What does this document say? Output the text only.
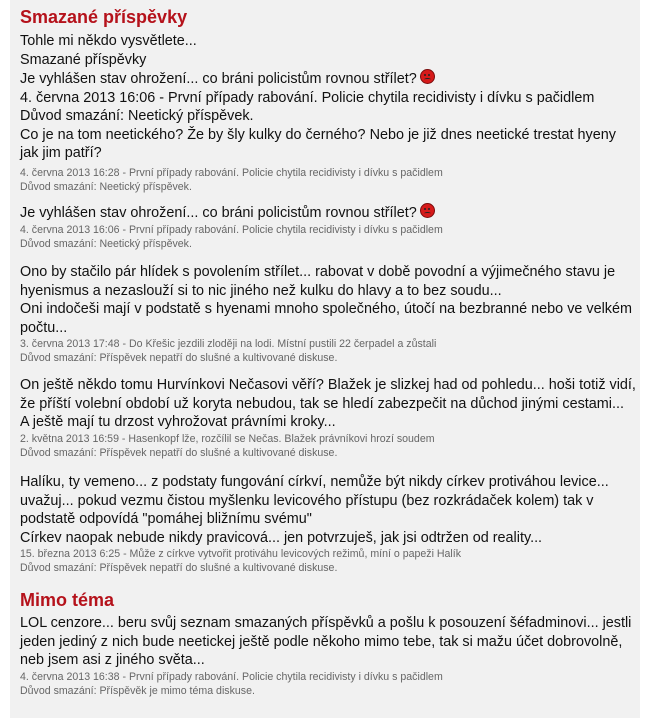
Smazané příspěvky
Tohle mi někdo vysvětlete...
Smazané příspěvky
Je vyhlášen stav ohrožení... co bráni policistům rovnou střílet?
4. června 2013 16:06 - První případy rabování. Policie chytila recidivisty i dívku s pačidlem
Důvod smazání: Neetický příspěvek.
Co je na tom neetického? Že by šly kulky do černého? Nebo je již dnes neetické trestat hyeny jak jim patří?
4. června 2013 16:28 - První případy rabování. Policie chytila recidivisty i dívku s pačidlem
Důvod smazání: Neetický příspěvek.
Je vyhlášen stav ohrožení... co bráni policistům rovnou střílet?
4. června 2013 16:06 - První případy rabování. Policie chytila recidivisty i dívku s pačidlem
Důvod smazání: Neetický příspěvek.
Ono by stačilo pár hlídek s povolením střílet... rabovat v době povodní a výjimečného stavu je
hyenismus a nezaslouží si to nic jiného než kulku do hlavy a to bez soudu...
Oni indočeši mají v podstatě s hyenami mnoho společného, útočí na bezbranné nebo ve velkém
počtu...
3. června 2013 17:48 - Do Křešic jezdili zloději na lodi. Místní pustili 22 čerpadel a zůstali
Důvod smazání: Příspěvek nepatří do slušné a kultivované diskuse.
On ještě někdo tomu Hurvínkovi Nečasovi věří? Blažek je slizkej had od pohledu... hoši totiž vidí,
že příští volební období už koryta nebudou, tak se hledí zabezpečit na důchod jinými cestami...
A ještě mají tu drzost vyhrožovat právními kroky...
2. května 2013 16:59 - Hasenkopf lže, rozčílil se Nečas. Blažek právníkovi hrozí soudem
Důvod smazání: Příspěvek nepatří do slušné a kultivované diskuse.
Halíku, ty vemeno... z podstaty fungování církví, nemůže být nikdy církev protiváhou levice...
uvažuj... pokud vezmu čistou myšlenku levicového přístupu (bez rozkrádaček kolem) tak v
podstatě odpovídá "pomáhej bližnímu svému"
Církev naopak nebude nikdy pravicová... jen potvrzuješ, jak jsi odtržen od reality...
15. března 2013 6:25 - Může z církve vytvořit protiváhu levicových režimů, míní o papeži Halík
Důvod smazání: Příspěvek nepatří do slušné a kultivované diskuse.
Mimo téma
LOL cenzore... beru svůj seznam smazaných příspěvků a pošlu k posouzení šéfadminovi... jestli
jeden jediný z nich bude neetickej ještě podle někoho mimo tebe, tak si mažu účet dobrovolně,
neb jsem asi z jiného světa...
4. června 2013 16:38 - První případy rabování. Policie chytila recidivisty i dívku s pačidlem
Důvod smazání: Příspěvěk je mimo téma diskuse.
